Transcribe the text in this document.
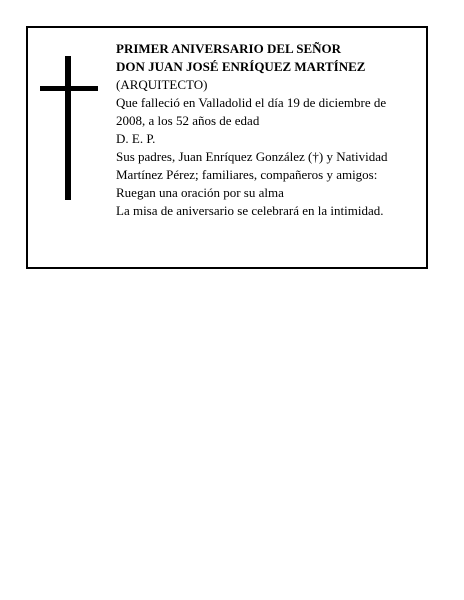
PRIMER ANIVERSARIO DEL SEÑOR
DON JUAN JOSÉ ENRÍQUEZ MARTÍNEZ
(ARQUITECTO)
Que falleció en Valladolid el día 19 de diciembre de 2008, a los 52 años de edad
D. E. P.
Sus padres, Juan Enríquez González (†) y Natividad Martínez Pérez; familiares, compañeros y amigos:
Ruegan una oración por su alma
La misa de aniversario se celebrará en la intimidad.
